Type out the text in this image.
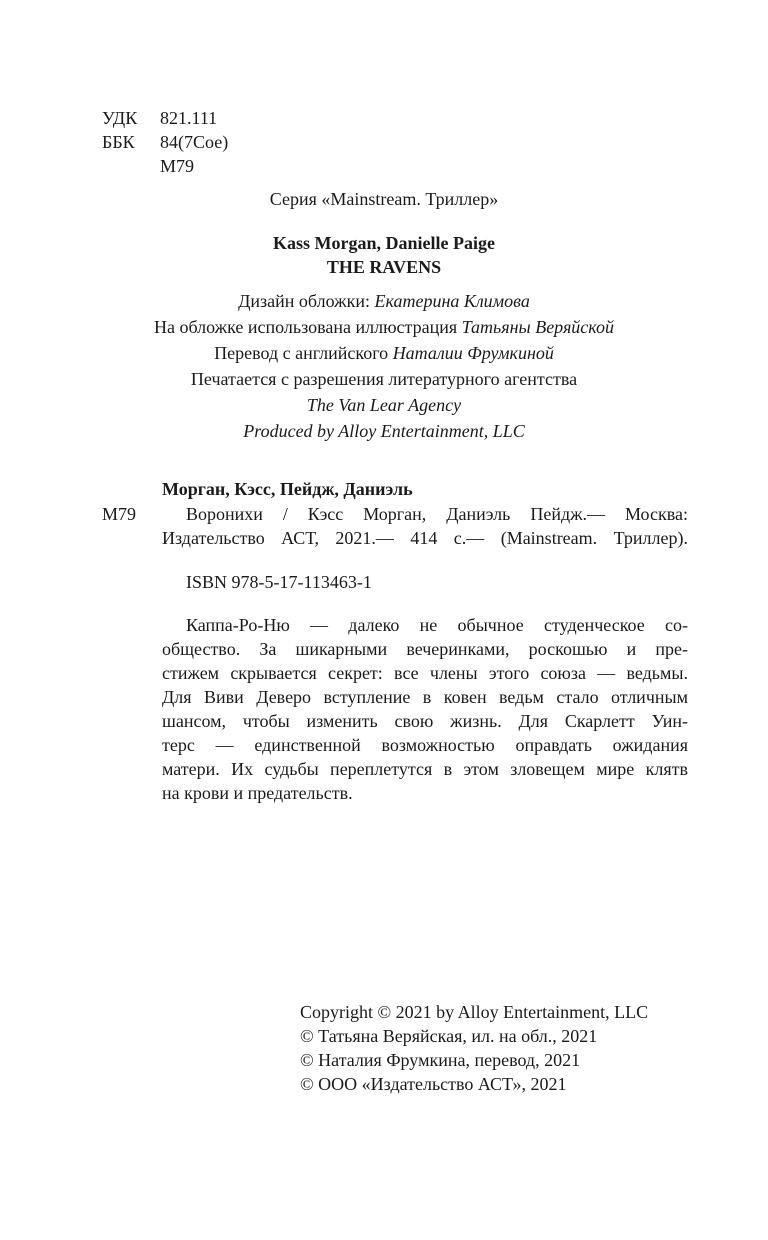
УДК	821.111
ББК	84(7Сое)
М79
Серия «Mainstream. Триллер»
Kass Morgan, Danielle Paige
THE RAVENS
Дизайн обложки: Екатерина Климова
На обложке использована иллюстрация Татьяны Веряйской
Перевод с английского Наталии Фрумкиной
Печатается с разрешения литературного агентства
The Van Lear Agency
Produced by Alloy Entertainment, LLC
Морган, Кэсс, Пейдж, Даниэль
М79	Воронихи / Кэсс Морган, Даниэль Пейдж.— Москва:
Издательство АСТ, 2021.— 414 с.— (Mainstream. Триллер).
ISBN 978-5-17-113463-1
Каппа-Ро-Ню — далеко не обычное студенческое со-
общество. За шикарными вечеринками, роскошью и пре-
стижем скрывается секрет: все члены этого союза — ведьмы.
Для Виви Деверо вступление в ковен ведьм стало отличным
шансом, чтобы изменить свою жизнь. Для Скарлетт Уин-
терс — единственной возможностью оправдать ожидания
матери. Их судьбы переплетутся в этом зловещем мире клятв
на крови и предательств.
Copyright © 2021 by Alloy Entertainment, LLC
© Татьяна Веряйская, ил. на обл., 2021
© Наталия Фрумкина, перевод, 2021
© ООО «Издательство АСТ», 2021
